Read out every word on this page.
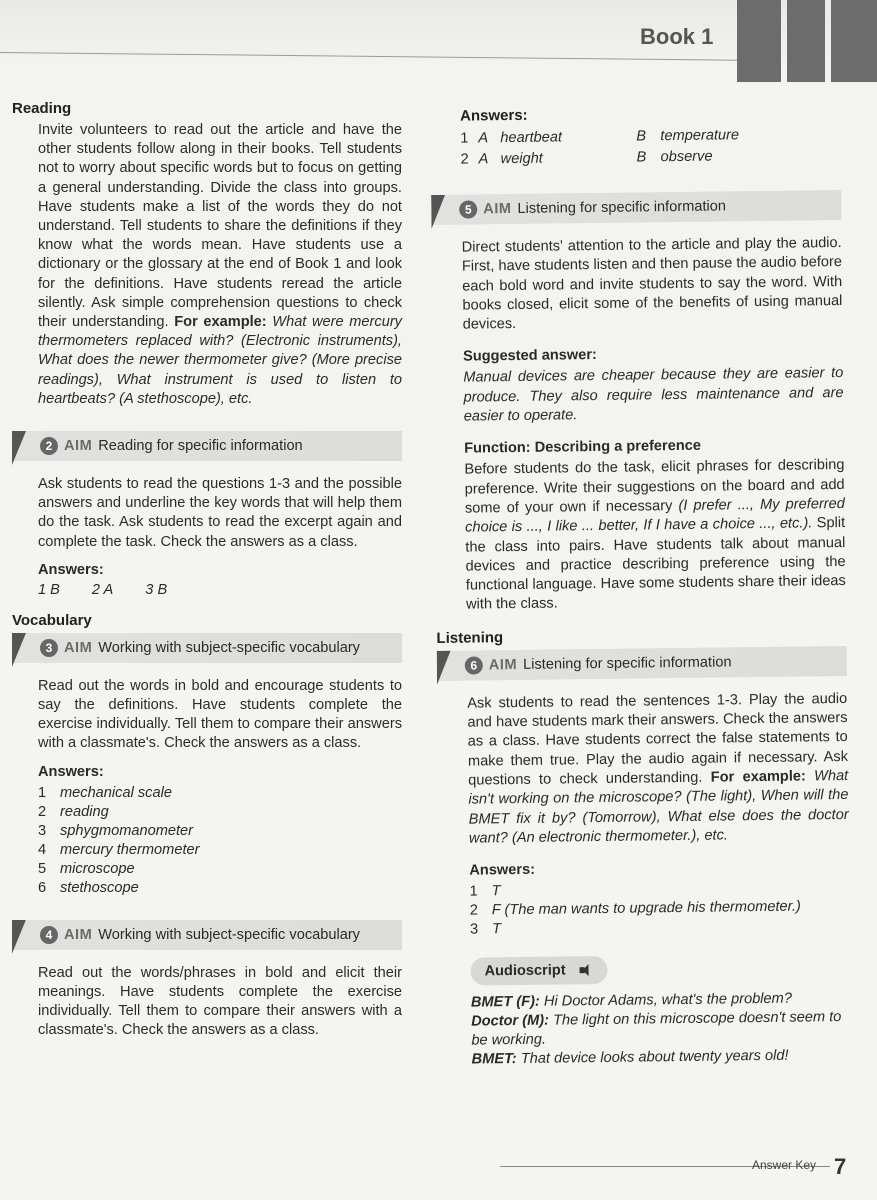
Book 1
Reading
Invite volunteers to read out the article and have the other students follow along in their books. Tell students not to worry about specific words but to focus on getting a general understanding. Divide the class into groups. Have students make a list of the words they do not understand. Tell students to share the definitions if they know what the words mean. Have students use a dictionary or the glossary at the end of Book 1 and look for the definitions. Have students reread the article silently. Ask simple comprehension questions to check their understanding. For example: What were mercury thermometers replaced with? (Electronic instruments), What does the newer thermometer give? (More precise readings), What instrument is used to listen to heartbeats? (A stethoscope), etc.
2 AIM Reading for specific information
Ask students to read the questions 1-3 and the possible answers and underline the key words that will help them do the task. Ask students to read the excerpt again and complete the task. Check the answers as a class.
Answers:
1 B 2 A 3 B
Vocabulary
3 AIM Working with subject-specific vocabulary
Read out the words in bold and encourage students to say the definitions. Have students complete the exercise individually. Tell them to compare their answers with a classmate's. Check the answers as a class.
Answers:
1 mechanical scale
2 reading
3 sphygmomanometer
4 mercury thermometer
5 microscope
6 stethoscope
4 AIM Working with subject-specific vocabulary
Read out the words/phrases in bold and elicit their meanings. Have students complete the exercise individually. Tell them to compare their answers with a classmate's. Check the answers as a class.
Answers:
1 A heartbeat	B temperature
2 A weight	B observe
5 AIM Listening for specific information
Direct students' attention to the article and play the audio. First, have students listen and then pause the audio before each bold word and invite students to say the word. With books closed, elicit some of the benefits of using manual devices.
Suggested answer:
Manual devices are cheaper because they are easier to produce. They also require less maintenance and are easier to operate.
Function: Describing a preference
Before students do the task, elicit phrases for describing preference. Write their suggestions on the board and add some of your own if necessary (I prefer ..., My preferred choice is ..., I like ... better, If I have a choice ..., etc.). Split the class into pairs. Have students talk about manual devices and practice describing preference using the functional language. Have some students share their ideas with the class.
Listening
6 AIM Listening for specific information
Ask students to read the sentences 1-3. Play the audio and have students mark their answers. Check the answers as a class. Have students correct the false statements to make them true. Play the audio again if necessary. Ask questions to check understanding. For example: What isn't working on the microscope? (The light), When will the BMET fix it by? (Tomorrow), What else does the doctor want? (An electronic thermometer.), etc.
Answers:
1 T
2 F (The man wants to upgrade his thermometer.)
3 T
Audioscript
BMET (F): Hi Doctor Adams, what's the problem?
Doctor (M): The light on this microscope doesn't seem to be working.
BMET: That device looks about twenty years old!
Answer Key 7
